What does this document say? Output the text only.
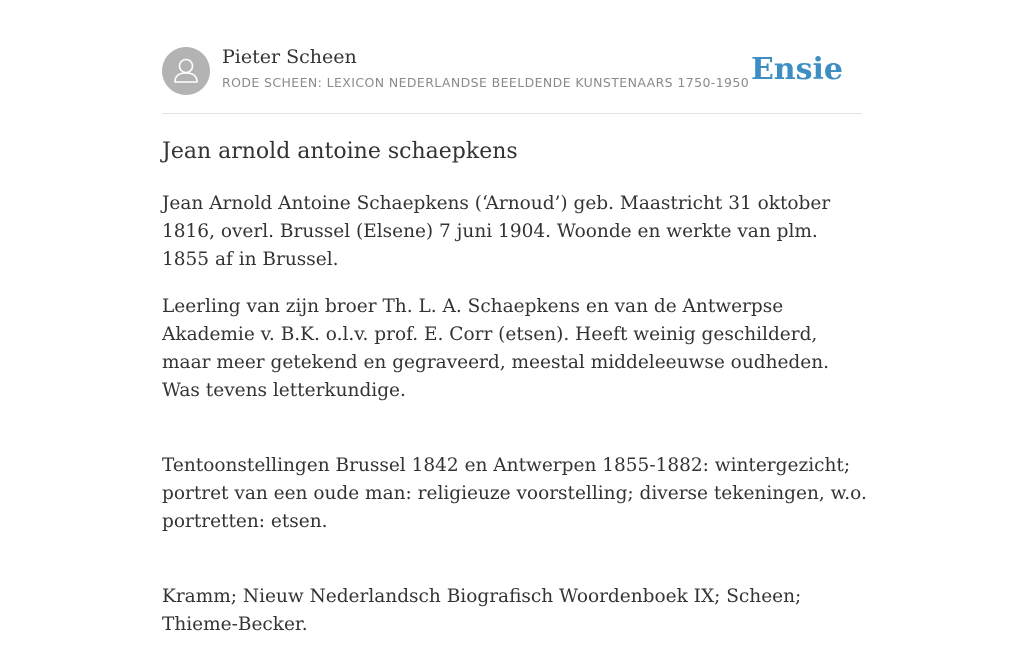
Pieter Scheen
RODE SCHEEN: LEXICON NEDERLANDSE BEELDENDE KUNSTENAARS 1750-1950 Ensie
Jean arnold antoine schaepkens

Jean Arnold Antoine Schaepkens (‘Arnoud’) geb. Maastricht 31 oktober 1816, overl. Brussel (Elsene) 7 juni 1904. Woonde en werkte van plm. 1855 af in Brussel.

Leerling van zijn broer Th. L. A. Schaepkens en van de Antwerpse Akademie v. B.K. o.l.v. prof. E. Corr (etsen). Heeft weinig geschilderd, maar meer getekend en gegraveerd, meestal middeleeuwse oudheden. Was tevens letterkundige.

Tentoonstellingen Brussel 1842 en Antwerpen 1855-1882: wintergezicht; portret van een oude man: religieuze voorstelling; diverse tekeningen, w.o. portretten: etsen.

Kramm; Nieuw Nederlandsch Biografisch Woordenboek IX; Scheen; Thieme-Becker.
